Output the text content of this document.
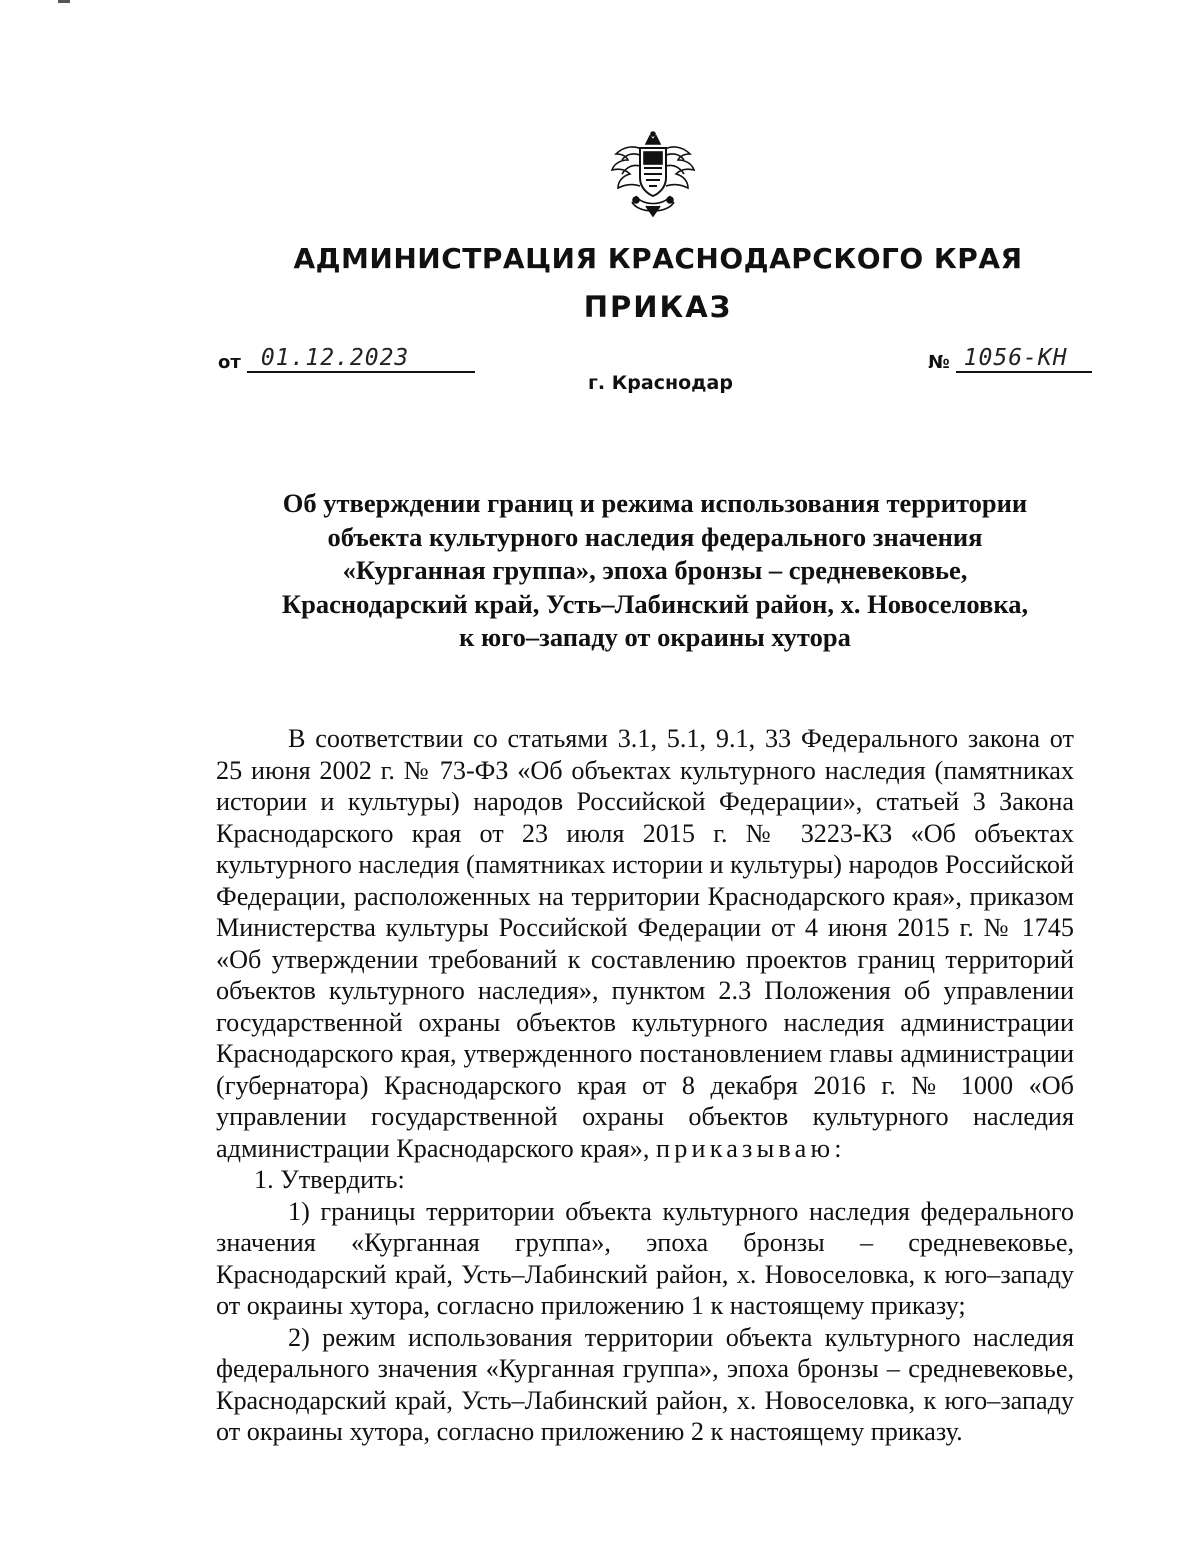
АДМИНИСТРАЦИЯ КРАСНОДАРСКОГО КРАЯ
ПРИКАЗ
от 01.12.2023	№ 1056-КН
г. Краснодар
Об утверждении границ и режима использования территории
объекта культурного наследия федерального значения
«Курганная группа», эпоха бронзы – средневековье,
Краснодарский край, Усть–Лабинский район, х. Новоселовка,
к юго–западу от окраины хутора

В соответствии со статьями 3.1, 5.1, 9.1, 33 Федерального закона от 25 июня 2002 г. № 73-ФЗ «Об объектах культурного наследия (памятниках истории и культуры) народов Российской Федерации», статьей 3 Закона Краснодарского края от 23 июля 2015 г. № 3223-КЗ «Об объектах культурного наследия (памятниках истории и культуры) народов Российской Федерации, расположенных на территории Краснодарского края», приказом Министерства культуры Российской Федерации от 4 июня 2015 г. № 1745 «Об утверждении требований к составлению проектов границ территорий объектов культурного наследия», пунктом 2.3 Положения об управлении государственной охраны объектов культурного наследия администрации Краснодарского края, утвержденного постановлением главы администрации (губернатора) Краснодарского края от 8 декабря 2016 г. № 1000 «Об управлении государственной охраны объектов культурного наследия администрации Краснодарского края», приказываю:

1. Утвердить:

1) границы территории объекта культурного наследия федерального значения «Курганная группа», эпоха бронзы – средневековье, Краснодарский край, Усть–Лабинский район, х. Новоселовка, к юго–западу от окраины хутора, согласно приложению 1 к настоящему приказу;

2) режим использования территории объекта культурного наследия федерального значения «Курганная группа», эпоха бронзы – средневековье, Краснодарский край, Усть–Лабинский район, х. Новоселовка, к юго–западу от окраины хутора, согласно приложению 2 к настоящему приказу.
